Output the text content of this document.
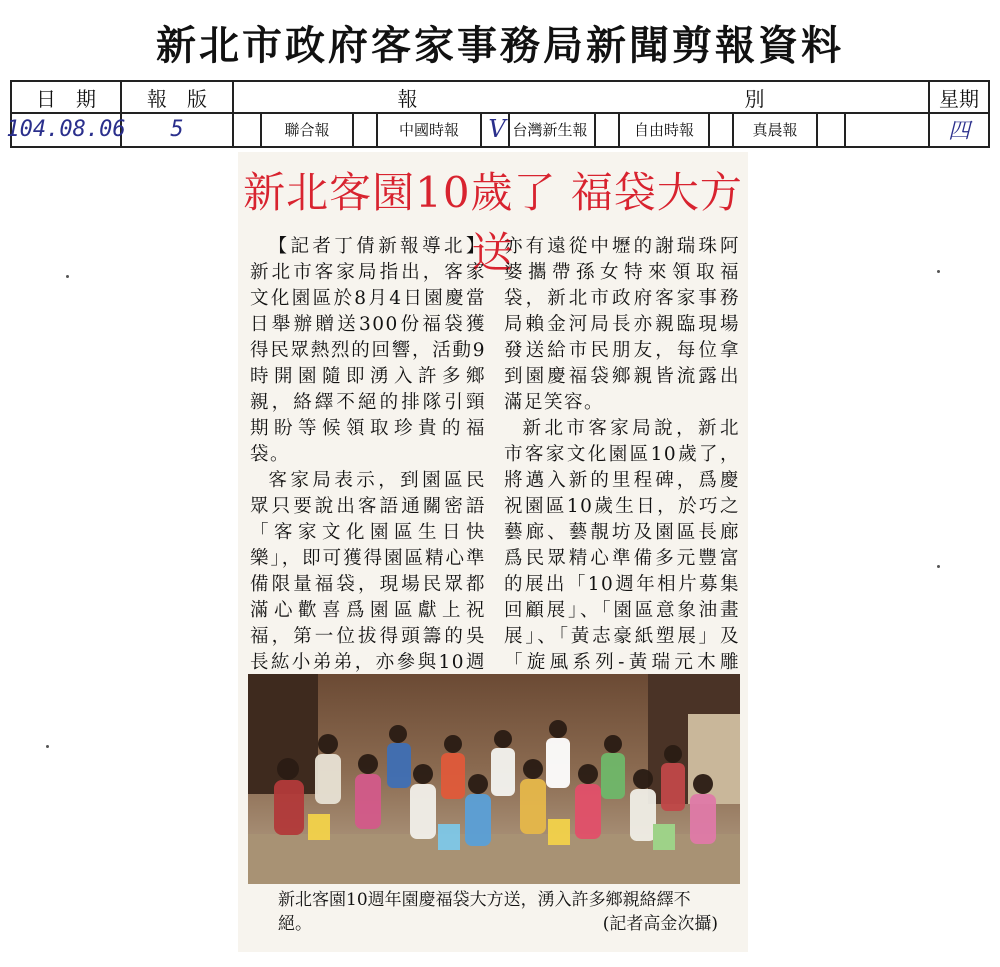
新北市政府客家事務局新聞剪報資料
日　期	報　版	報	別	星期
104.08.06	5	聯合報	中國時報 V 台灣新生報	自由時報	真晨報	四
新北客園10歲了 福袋大方送

【記者丁倩新報導北】新北市客家局指出，客家文化園區於8月4日園慶當日舉辦贈送300份福袋獲得民眾熱烈的回響，活動9時開園隨即湧入許多鄉親，絡繹不絕的排隊引頸期盼等候領取珍貴的福袋。

客家局表示，到園區民眾只要說出客語通關密語「客家文化園區生日快樂」，即可獲得園區精心準備限量福袋，現場民眾都滿心歡喜爲園區獻上祝福，第一位拔得頭籌的吳長紘小弟弟，亦參與10週

亦有遠從中壢的謝瑞珠阿婆攜帶孫女特來領取福袋，新北市政府客家事務局賴金河局長亦親臨現場發送給市民朋友，每位拿到園慶福袋鄉親皆流露出滿足笑容。

新北市客家局說，新北市客家文化園區10歲了，將邁入新的里程碑，爲慶祝園區10歲生日，於巧之藝廊、藝靚坊及園區長廊爲民眾精心準備多元豐富的展出「10週年相片募集回顧展」、「園區意象油畫展」、「黃志豪紙塑展」及「旋風系列-黃瑞元木雕

新北客園10週年園慶福袋大方送，湧入許多鄉親絡繹不絕。	(記者高金次攝)
